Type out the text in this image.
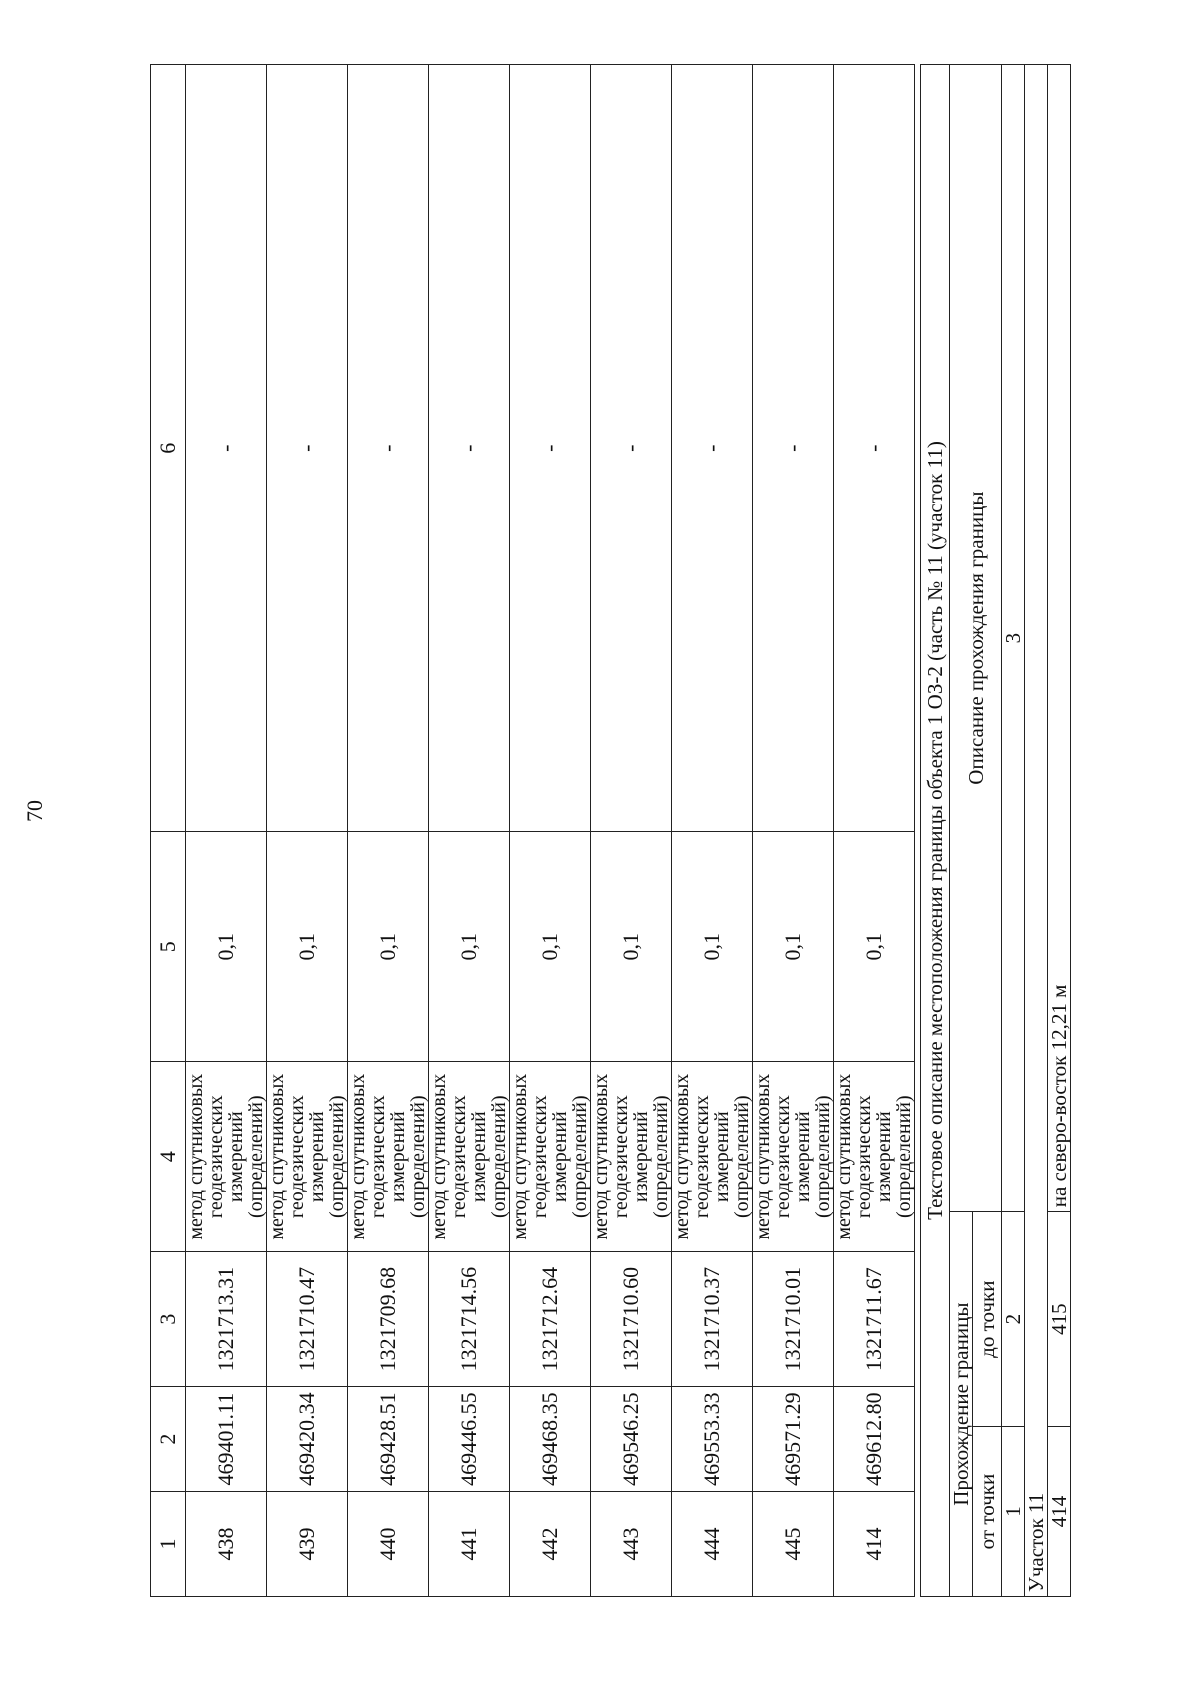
70
1	2	3	4	5	6
438	469401.11	1321713.31	метод спутниковых
геодезических измерений
(определений)	0,1	-
439	469420.34	1321710.47	метод спутниковых
геодезических измерений
(определений)	0,1	-
440	469428.51	1321709.68	метод спутниковых
геодезических измерений
(определений)	0,1	-
441	469446.55	1321714.56	метод спутниковых
геодезических измерений
(определений)	0,1	-
442	469468.35	1321712.64	метод спутниковых
геодезических измерений
(определений)	0,1	-
443	469546.25	1321710.60	метод спутниковых
геодезических измерений
(определений)	0,1	-
444	469553.33	1321710.37	метод спутниковых
геодезических измерений
(определений)	0,1	-
445	469571.29	1321710.01	метод спутниковых
геодезических измерений
(определений)	0,1	-
414	469612.80	1321711.67	метод спутниковых
геодезических измерений
(определений)	0,1	- Текстовое описание местоположения границы объекта 1 ОЗ-2 (часть № 11 (участок 11)		
Прохождение границы		Описание прохождения границы
от точки	до точки	
1	2	3
Участок 11		
414	415	на северо-восток 12,21 м
